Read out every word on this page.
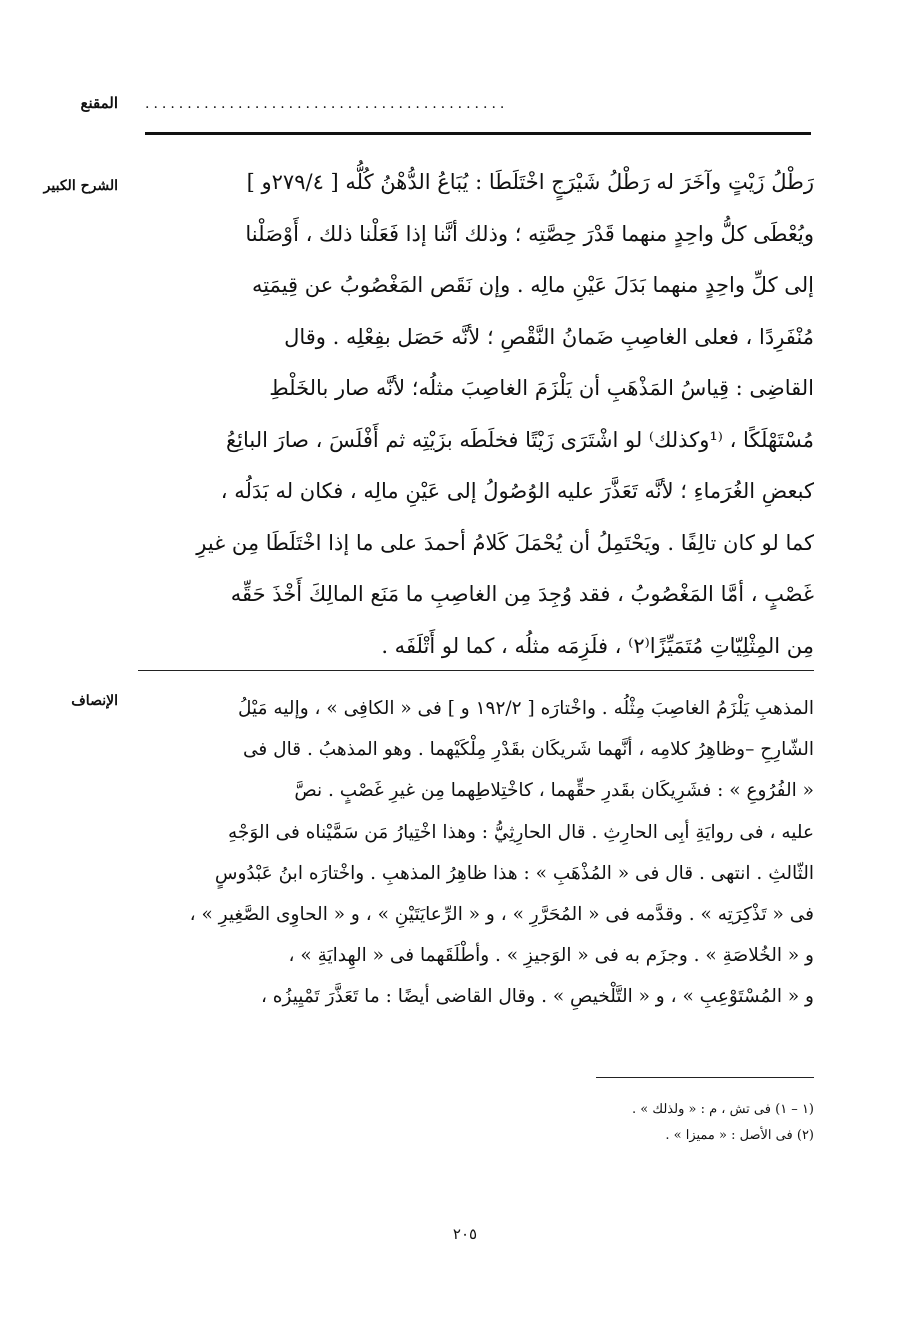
المقنع ...........................................
الشرح الكبير	رَطْلُ زَيْتٍ وآخَرَ له رَطْلُ شَيْرَجٍ اخْتَلَطَا : يُبَاعُ الدُّهْنُ كُلُّه [ ٢٧٩/٤و ]
ويُعْطَى كلُّ واحِدٍ منهما قَدْرَ حِصَّتِه ؛ وذلك أنَّنا إذا فَعَلْنا ذلك ، أَوْصَلْنا
إلى كلِّ واحِدٍ منهما بَدَلَ عَيْنِ مالِه . وإن نَقَص المَغْصُوبُ عن قِيمَتِه
مُنْفَرِدًا ، فعلى الغاصِبِ ضَمانُ النَّقْصِ ؛ لأنَّه حَصَل بفِعْلِه . وقال
القاضِى : قِياسُ المَذْهَبِ أن يَلْزَمَ الغاصِبَ مثلُه؛ لأنَّه صار بالخَلْطِ
مُسْتَهْلَكًا ، ⁽¹وكذلك⁾ لو اشْتَرَى زَيْتًا فخلَطَه بزَيْتِه ثم أَفْلَسَ ، صارَ البائِعُ
كبعضِ الغُرَماءِ ؛ لأنَّه تَعَذَّرَ عليه الوُصُولُ إلى عَيْنِ مالِه ، فكان له بَدَلُه ،
كما لو كان تالِفًا . ويَحْتَمِلُ أن يُحْمَلَ كَلامُ أحمدَ على ما إذا اخْتَلَطَا مِن غيرِ
غَصْبٍ ، أمَّا المَغْصُوبُ ، فقد وُجِدَ مِن الغاصِبِ ما مَنَع المالِكَ أَخْذَ حَقِّه
مِن المِثْلِيّاتِ مُتَمَيِّزًا⁽٢⁾ ، فلَزِمَه مثلُه ، كما لو أَتْلَفَه .
الإنصاف	المذهبِ يَلْزَمُ الغاصِبَ مِثْلُه . واخْتارَه [ ١٩٢/٢ و ] فى « الكافِى » ، وإليه مَيْلُ
الشّارِحِ –وظاهِرُ كلامِه ، أنَّهما شَريكَان بقَدْرِ مِلْكَيْهما . وهو المذهبُ . قال فى
« الفُرُوعِ » : فشَرِيكَان بقَدرِ حقِّهما ، كاخْتِلاطِهما مِن غيرِ غَصْبٍ . نصَّ
عليه ، فى روايَةِ أبِى الحارِثِ . قال الحارِثِيُّ : وهذا اخْتِيارُ مَن سَمَّيْناه فى الوَجْهِ
الثّالثِ . انتهى . قال فى « المُذْهَبِ » : هذا ظاهِرُ المذهبِ . واخْتارَه ابنُ عَبْدُوسٍ
فى « تَذْكِرَتِه » . وقدَّمه فى « المُحَرَّرِ » ، و « الرِّعايَتَيْنِ » ، و « الحاوِى الصَّغِيرِ » ،
و « الخُلاصَةِ » . وجزَم به فى « الوَجيزِ » . وأطْلَقَهما فى « الهِدايَةِ » ،
و « المُسْتَوْعِبِ » ، و « التَّلْخيصِ » . وقال القاضى أيضًا : ما تَعَذَّرَ تَمْيِيزُه ،
(١ – ١) فى تش ، م : « ولذلك » .
(٢) فى الأصل : « مميزا » .
٢٠٥
